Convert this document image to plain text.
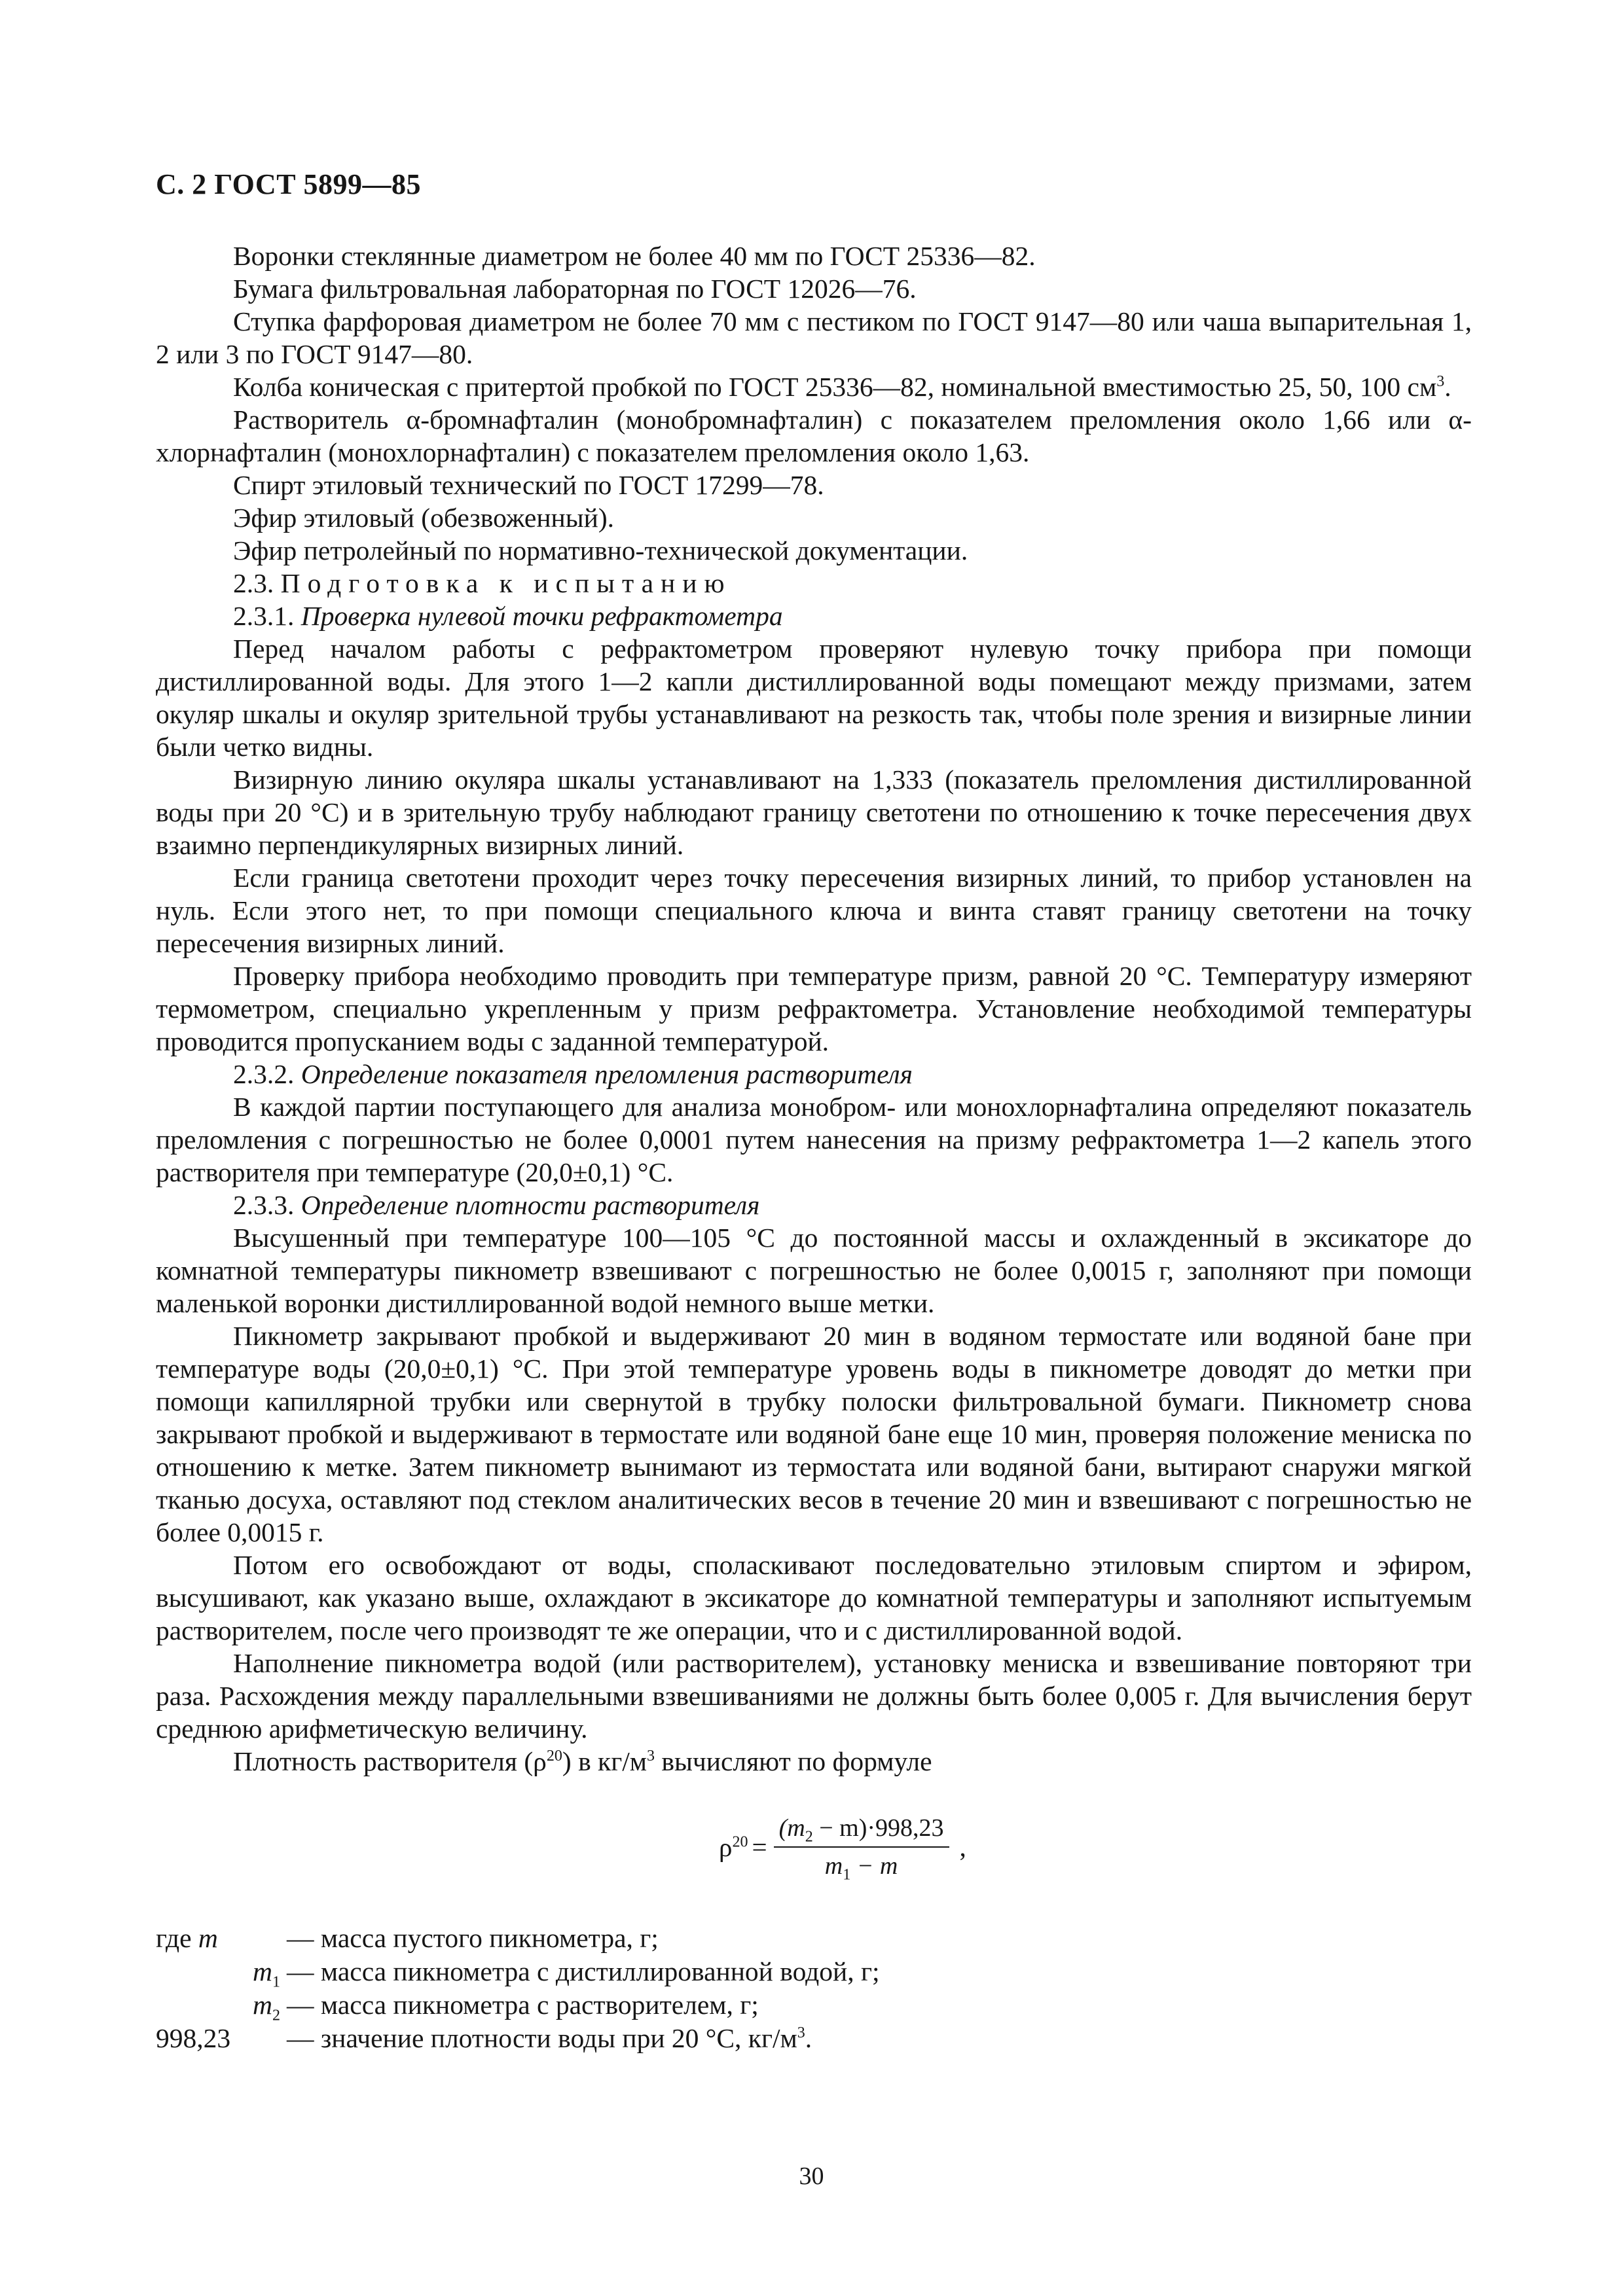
С. 2 ГОСТ 5899—85

Воронки стеклянные диаметром не более 40 мм по ГОСТ 25336—82.

Бумага фильтровальная лабораторная по ГОСТ 12026—76.

Ступка фарфоровая диаметром не более 70 мм с пестиком по ГОСТ 9147—80 или чаша выпарительная 1, 2 или 3 по ГОСТ 9147—80.

Колба коническая с притертой пробкой по ГОСТ 25336—82, номинальной вместимостью 25, 50, 100 $см^3$.

Растворитель α-бромнафталин (монобромнафталин) с показателем преломления около 1,66 или α-хлорнафталин (монохлорнафталин) с показателем преломления около 1,63.

Спирт этиловый технический по ГОСТ 17299—78.

Эфир этиловый (обезвоженный).

Эфир петролейный по нормативно-технической документации.

2.3. Подготовка к испытанию

2.3.1. Проверка нулевой точки рефрактометра

Перед началом работы с рефрактометром проверяют нулевую точку прибора при помощи дистиллированной воды. Для этого 1—2 капли дистиллированной воды помещают между призмами, затем окуляр шкалы и окуляр зрительной трубы устанавливают на резкость так, чтобы поле зрения и визирные линии были четко видны.

Визирную линию окуляра шкалы устанавливают на 1,333 (показатель преломления дистиллированной воды при 20 °С) и в зрительную трубу наблюдают границу светотени по отношению к точке пересечения двух взаимно перпендикулярных визирных линий.

Если граница светотени проходит через точку пересечения визирных линий, то прибор установлен на нуль. Если этого нет, то при помощи специального ключа и винта ставят границу светотени на точку пересечения визирных линий.

Проверку прибора необходимо проводить при температуре призм, равной 20 °С. Температуру измеряют термометром, специально укрепленным у призм рефрактометра. Установление необходимой температуры проводится пропусканием воды с заданной температурой.

2.3.2. Определение показателя преломления растворителя

В каждой партии поступающего для анализа монобром- или монохлорнафталина определяют показатель преломления с погрешностью не более 0,0001 путем нанесения на призму рефрактометра 1—2 капель этого растворителя при температуре (20,0±0,1) °С.

2.3.3. Определение плотности растворителя

Высушенный при температуре 100—105 °С до постоянной массы и охлажденный в эксикаторе до комнатной температуры пикнометр взвешивают с погрешностью не более 0,0015 г, заполняют при помощи маленькой воронки дистиллированной водой немного выше метки.

Пикнометр закрывают пробкой и выдерживают 20 мин в водяном термостате или водяной бане при температуре воды (20,0±0,1) °С. При этой температуре уровень воды в пикнометре доводят до метки при помощи капиллярной трубки или свернутой в трубку полоски фильтровальной бумаги. Пикнометр снова закрывают пробкой и выдерживают в термостате или водяной бане еще 10 мин, проверяя положение мениска по отношению к метке. Затем пикнометр вынимают из термостата или водяной бани, вытирают снаружи мягкой тканью досуха, оставляют под стеклом аналитических весов в течение 20 мин и взвешивают с погрешностью не более 0,0015 г.

Потом его освобождают от воды, споласкивают последовательно этиловым спиртом и эфиром, высушивают, как указано выше, охлаждают в эксикаторе до комнатной температуры и заполняют испытуемым растворителем, после чего производят те же операции, что и с дистиллированной водой.

Наполнение пикнометра водой (или растворителем), установку мениска и взвешивание повторяют три раза. Расхождения между параллельными взвешиваниями не должны быть более 0,005 г. Для вычисления берут среднюю арифметическую величину.

Плотность растворителя $(\rho^{20})$ в $кг/м^3$ вычисляют по формуле

$\rho^{20} = \frac{(m_2 - m)\cdot 998,23}{m_1 - m}$ ,
где m	— масса пустого пикнометра, г;
$m_1$ — масса пикнометра с дистиллированной водой, г;
$m_2$ — масса пикнометра с растворителем, г;
998,23	— значение плотности воды при 20 °С, $кг/м^3$.
30
